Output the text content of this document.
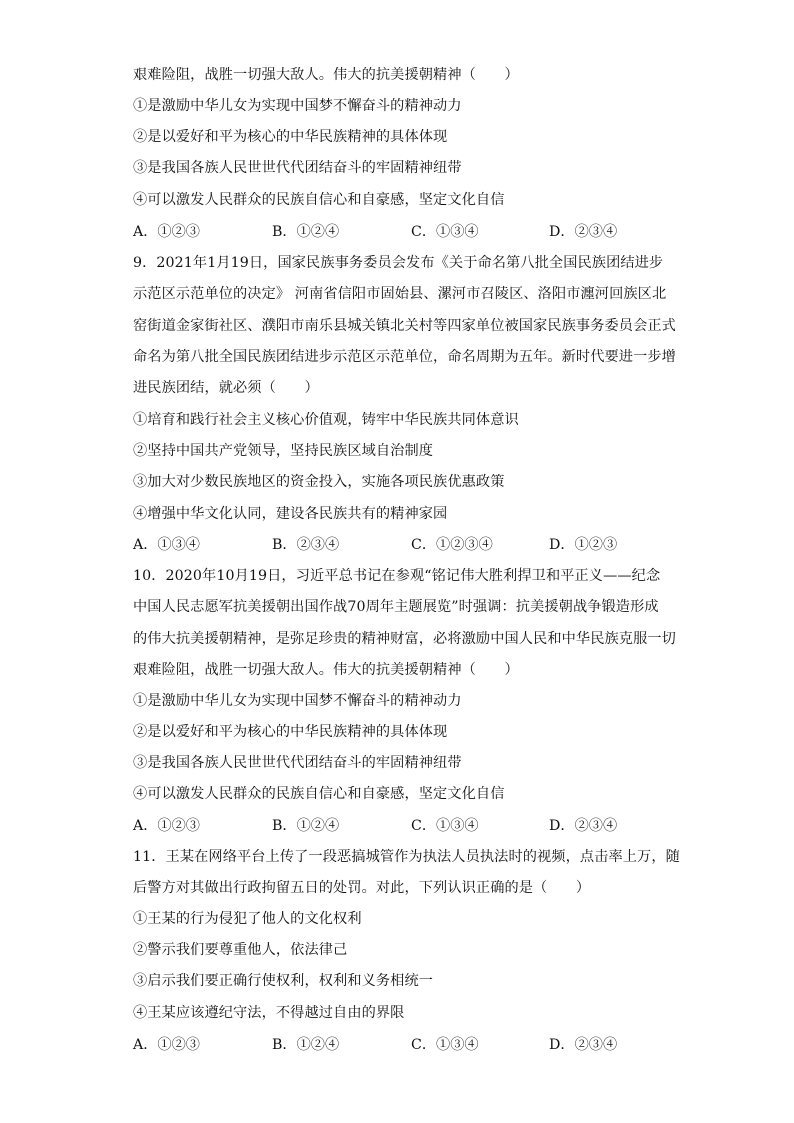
艰难险阻，战胜一切强大敌人。伟大的抗美援朝精神（　　）
①是激励中华儿女为实现中国梦不懈奋斗的精神动力
②是以爱好和平为核心的中华民族精神的具体体现
③是我国各族人民世世代代团结奋斗的牢固精神纽带
④可以激发人民群众的民族自信心和自豪感，坚定文化自信
A．①②③	B．①②④	C．①③④	D．②③④
9．2021年1月19日，国家民族事务委员会发布《关于命名第八批全国民族团结进步
示范区示范单位的决定》 河南省信阳市固始县、漯河市召陵区、洛阳市瀍河回族区北
窑街道金家街社区、濮阳市南乐县城关镇北关村等四家单位被国家民族事务委员会正式
命名为第八批全国民族团结进步示范区示范单位，命名周期为五年。新时代要进一步增
进民族团结，就必须（　　）
①培育和践行社会主义核心价值观，铸牢中华民族共同体意识
②坚持中国共产党领导，坚持民族区域自治制度
③加大对少数民族地区的资金投入，实施各项民族优惠政策
④增强中华文化认同，建设各民族共有的精神家园
A．①③④	B．②③④	C．①②③④	D．①②③
10．2020年10月19日，习近平总书记在参观“铭记伟大胜利捍卫和平正义——纪念
中国人民志愿军抗美援朝出国作战70周年主题展览”时强调：抗美援朝战争锻造形成
的伟大抗美援朝精神，是弥足珍贵的精神财富，必将激励中国人民和中华民族克服一切
艰难险阻，战胜一切强大敌人。伟大的抗美援朝精神（　　）
①是激励中华儿女为实现中国梦不懈奋斗的精神动力
②是以爱好和平为核心的中华民族精神的具体体现
③是我国各族人民世世代代团结奋斗的牢固精神纽带
④可以激发人民群众的民族自信心和自豪感，坚定文化自信
A．①②③	B．①②④	C．①③④	D．②③④
11．王某在网络平台上传了一段恶搞城管作为执法人员执法时的视频，点击率上万，随
后警方对其做出行政拘留五日的处罚。对此，下列认识正确的是（　　）
①王某的行为侵犯了他人的文化权利
②警示我们要尊重他人，依法律己
③启示我们要正确行使权利，权利和义务相统一
④王某应该遵纪守法，不得越过自由的界限
A．①②③	B．①②④	C．①③④	D．②③④
